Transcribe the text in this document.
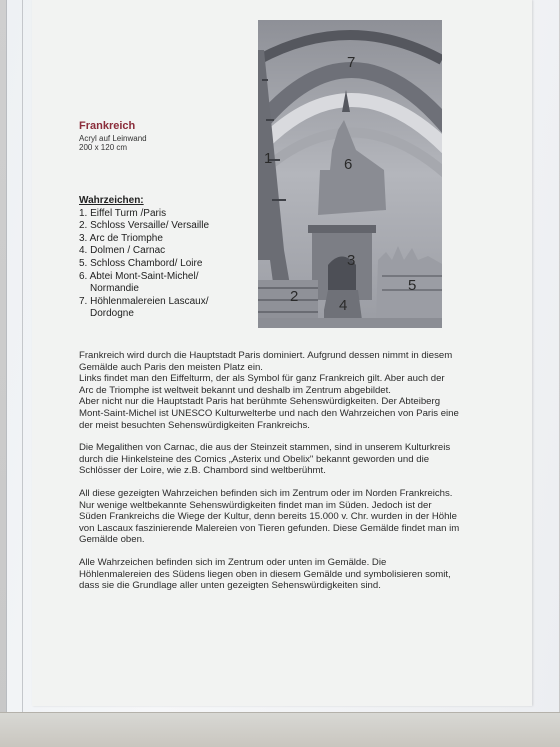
1
2
3
4
5
6
7
Frankreich
Acryl auf Leinwand
200 x 120 cm
Wahrzeichen:
1. Eiffel Turm /Paris
2. Schloss Versaille/ Versaille
3. Arc de Triomphe
4. Dolmen / Carnac
5. Schloss Chambord/ Loire
6. Abtei Mont-Saint-Michel/
Normandie
7. Höhlenmalereien Lascaux/
Dordogne

Frankreich wird durch die Hauptstadt Paris dominiert. Aufgrund dessen nimmt in diesem Gemälde auch Paris den meisten Platz ein.
Links findet man den Eiffelturm, der als Symbol für ganz Frankreich gilt. Aber auch der Arc de Triomphe ist weltweit bekannt und deshalb im Zentrum abgebildet.
Aber nicht nur die Hauptstadt Paris hat berühmte Sehenswürdigkeiten. Der Abteiberg Mont-Saint-Michel ist UNESCO Kulturwelterbe und nach den Wahrzeichen von Paris eine der meist besuchten Sehenswürdigkeiten Frankreichs.

Die Megalithen von Carnac, die aus der Steinzeit stammen, sind in unserem Kulturkreis durch die Hinkelsteine des Comics „Asterix und Obelix" bekannt geworden und die Schlösser der Loire, wie z.B. Chambord sind weltberühmt.

All diese gezeigten Wahrzeichen befinden sich im Zentrum oder im Norden Frankreichs. Nur wenige weltbekannte Sehenswürdigkeiten findet man im Süden. Jedoch ist der Süden Frankreichs die Wiege der Kultur, denn bereits 15.000 v. Chr. wurden in der Höhle von Lascaux faszinierende Malereien von Tieren gefunden. Diese Gemälde findet man im Gemälde oben.

Alle Wahrzeichen befinden sich im Zentrum oder unten im Gemälde. Die Höhlenmalereien des Südens liegen oben in diesem Gemälde und symbolisieren somit, dass sie die Grundlage aller unten gezeigten Sehenswürdigkeiten sind.
